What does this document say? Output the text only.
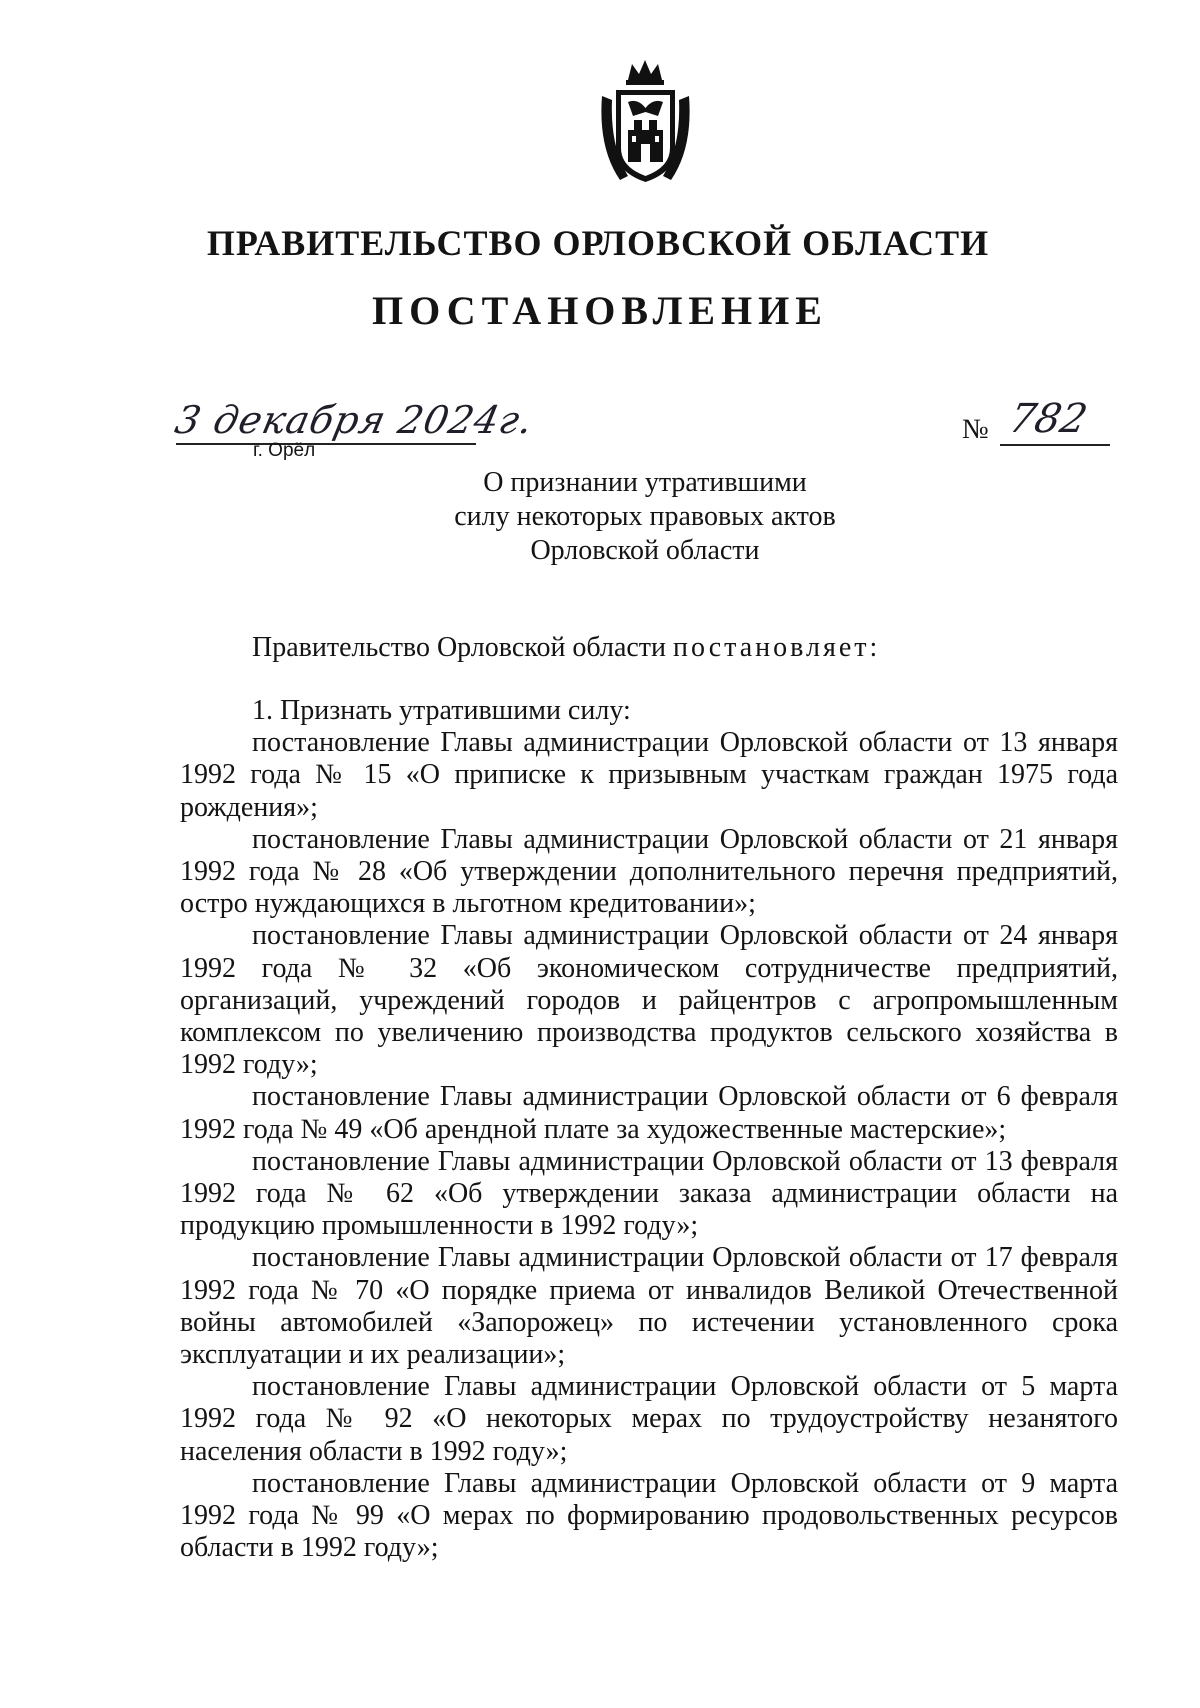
ПРАВИТЕЛЬСТВО ОРЛОВСКОЙ ОБЛАСТИ
ПОСТАНОВЛЕНИЕ
3 декабря 2024г.
г. Орёл
№ 782
О признании утратившими
силу некоторых правовых актов
Орловской области
Правительство Орловской области постановляет:

1. Признать утратившими силу:

постановление Главы администрации Орловской области от 13 января 1992 года № 15 «О приписке к призывным участкам граждан 1975 года рождения»;

постановление Главы администрации Орловской области от 21 января 1992 года № 28 «Об утверждении дополнительного перечня предприятий, остро нуждающихся в льготном кредитовании»;

постановление Главы администрации Орловской области от 24 января 1992 года № 32 «Об экономическом сотрудничестве предприятий, организаций, учреждений городов и райцентров с агропромышленным комплексом по увеличению производства продуктов сельского хозяйства в 1992 году»;

постановление Главы администрации Орловской области от 6 февраля 1992 года № 49 «Об арендной плате за художественные мастерские»;

постановление Главы администрации Орловской области от 13 февраля 1992 года № 62 «Об утверждении заказа администрации области на продукцию промышленности в 1992 году»;

постановление Главы администрации Орловской области от 17 февраля 1992 года № 70 «О порядке приема от инвалидов Великой Отечественной войны автомобилей «Запорожец» по истечении установленного срока эксплуатации и их реализации»;

постановление Главы администрации Орловской области от 5 марта 1992 года № 92 «О некоторых мерах по трудоустройству незанятого населения области в 1992 году»;

постановление Главы администрации Орловской области от 9 марта 1992 года № 99 «О мерах по формированию продовольственных ресурсов области в 1992 году»;
